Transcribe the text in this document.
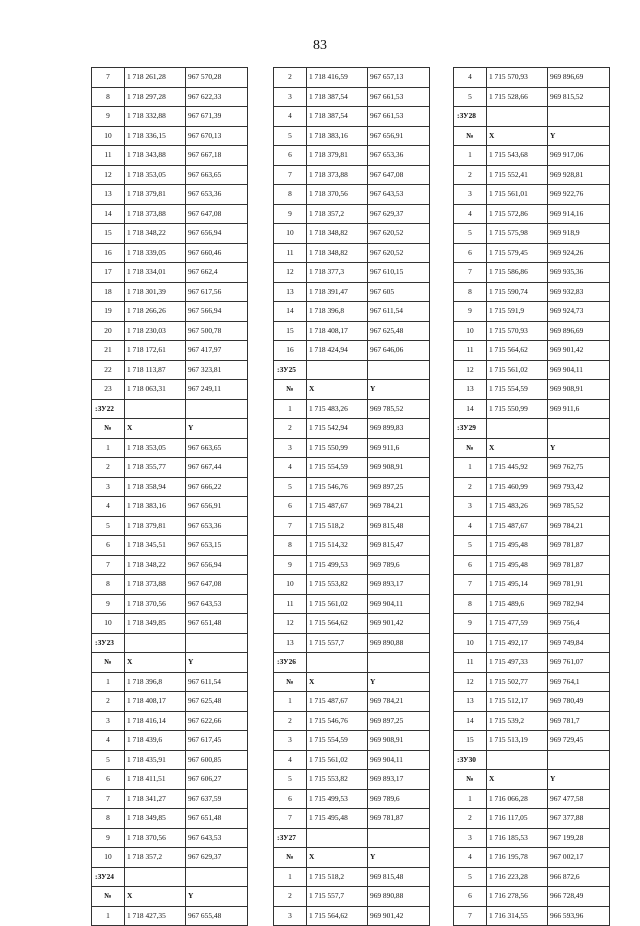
83
7	1 718 261,28	967 570,28
8	1 718 297,28	967 622,33
9	1 718 332,88	967 671,39
10	1 718 336,15	967 670,13
11	1 718 343,88	967 667,18
12	1 718 353,05	967 663,65
13	1 718 379,81	967 653,36
14	1 718 373,88	967 647,08
15	1 718 348,22	967 656,94
16	1 718 339,05	967 660,46
17	1 718 334,01	967 662,4
18	1 718 301,39	967 617,56
19	1 718 266,26	967 566,94
20	1 718 230,03	967 500,78
21	1 718 172,61	967 417,97
22	1 718 113,87	967 323,81
23	1 718 063,31	967 249,11
:ЗУ22		
№	X	Y
1	1 718 353,05	967 663,65
2	1 718 355,77	967 667,44
3	1 718 358,94	967 666,22
4	1 718 383,16	967 656,91
5	1 718 379,81	967 653,36
6	1 718 345,51	967 653,15
7	1 718 348,22	967 656,94
8	1 718 373,88	967 647,08
9	1 718 370,56	967 643,53
10	1 718 349,85	967 651,48
:ЗУ23		
№	X	Y
1	1 718 396,8	967 611,54
2	1 718 408,17	967 625,48
3	1 718 416,14	967 622,66
4	1 718 439,6	967 617,45
5	1 718 435,91	967 600,85
6	1 718 411,51	967 606,27
7	1 718 341,27	967 637,59
8	1 718 349,85	967 651,48
9	1 718 370,56	967 643,53
10	1 718 357,2	967 629,37
:ЗУ24		
№	X	Y
1	1 718 427,35	967 655,48
2	1 718 416,59	967 657,13
3	1 718 387,54	967 661,53
4	1 718 387,54	967 661,53
5	1 718 383,16	967 656,91
6	1 718 379,81	967 653,36
7	1 718 373,88	967 647,08
8	1 718 370,56	967 643,53
9	1 718 357,2	967 629,37
10	1 718 348,82	967 620,52
11	1 718 348,82	967 620,52
12	1 718 377,3	967 610,15
13	1 718 391,47	967 605
14	1 718 396,8	967 611,54
15	1 718 408,17	967 625,48
16	1 718 424,94	967 646,06
:ЗУ25		
№	X	Y
1	1 715 483,26	969 785,52
2	1 715 542,94	969 899,83
3	1 715 550,99	969 911,6
4	1 715 554,59	969 908,91
5	1 715 546,76	969 897,25
6	1 715 487,67	969 784,21
7	1 715 518,2	969 815,48
8	1 715 514,32	969 815,47
9	1 715 499,53	969 789,6
10	1 715 553,82	969 893,17
11	1 715 561,02	969 904,11
12	1 715 564,62	969 901,42
13	1 715 557,7	969 890,88
:ЗУ26		
№	X	Y
1	1 715 487,67	969 784,21
2	1 715 546,76	969 897,25
3	1 715 554,59	969 908,91
4	1 715 561,02	969 904,11
5	1 715 553,82	969 893,17
6	1 715 499,53	969 789,6
7	1 715 495,48	969 781,87
:ЗУ27		
№	X	Y
1	1 715 518,2	969 815,48
2	1 715 557,7	969 890,88
3	1 715 564,62	969 901,42
4	1 715 570,93	969 896,69
5	1 715 528,66	969 815,52
:ЗУ28		
№	X	Y
1	1 715 543,68	969 917,06
2	1 715 552,41	969 928,81
3	1 715 561,01	969 922,76
4	1 715 572,86	969 914,16
5	1 715 575,98	969 918,9
6	1 715 579,45	969 924,26
7	1 715 586,86	969 935,36
8	1 715 590,74	969 932,83
9	1 715 591,9	969 924,73
10	1 715 570,93	969 896,69
11	1 715 564,62	969 901,42
12	1 715 561,02	969 904,11
13	1 715 554,59	969 908,91
14	1 715 550,99	969 911,6
:ЗУ29		
№	X	Y
1	1 715 445,92	969 762,75
2	1 715 460,99	969 793,42
3	1 715 483,26	969 785,52
4	1 715 487,67	969 784,21
5	1 715 495,48	969 781,87
6	1 715 495,48	969 781,87
7	1 715 495,14	969 781,91
8	1 715 489,6	969 782,94
9	1 715 477,59	969 756,4
10	1 715 492,17	969 749,84
11	1 715 497,33	969 761,07
12	1 715 502,77	969 764,1
13	1 715 512,17	969 780,49
14	1 715 539,2	969 781,7
15	1 715 513,19	969 729,45
:ЗУ30		
№	X	Y
1	1 716 066,28	967 477,58
2	1 716 117,05	967 377,88
3	1 716 185,53	967 199,28
4	1 716 195,78	967 002,17
5	1 716 223,28	966 872,6
6	1 716 278,56	966 728,49
7	1 716 314,55	966 593,96
